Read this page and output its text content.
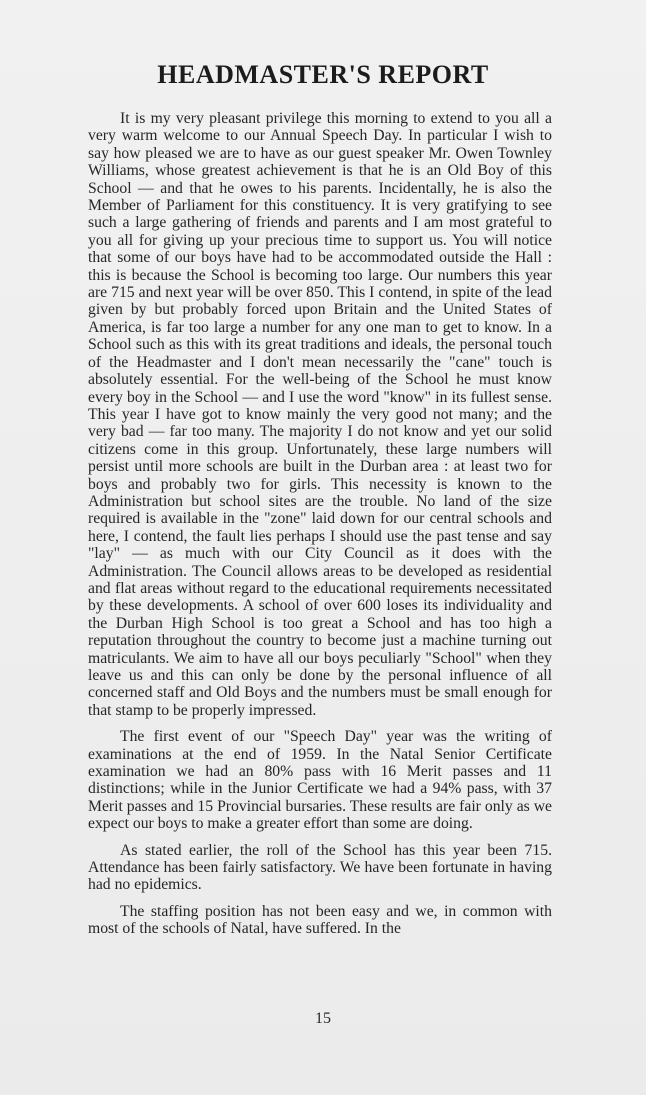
HEADMASTER'S REPORT

It is my very pleasant privilege this morning to extend to you all a very warm welcome to our Annual Speech Day. In particular I wish to say how pleased we are to have as our guest speaker Mr. Owen Townley Williams, whose greatest achievement is that he is an Old Boy of this School — and that he owes to his parents. Incidentally, he is also the Member of Parliament for this constituency. It is very gratifying to see such a large gathering of friends and parents and I am most grateful to you all for giving up your precious time to support us. You will notice that some of our boys have had to be accommodated outside the Hall : this is because the School is becoming too large. Our numbers this year are 715 and next year will be over 850. This I contend, in spite of the lead given by but probably forced upon Britain and the United States of America, is far too large a number for any one man to get to know. In a School such as this with its great traditions and ideals, the personal touch of the Headmaster and I don't mean necessarily the "cane" touch is absolutely essential. For the well-being of the School he must know every boy in the School — and I use the word "know" in its fullest sense. This year I have got to know mainly the very good not many; and the very bad — far too many. The majority I do not know and yet our solid citizens come in this group. Unfortunately, these large numbers will persist until more schools are built in the Durban area : at least two for boys and probably two for girls. This necessity is known to the Administration but school sites are the trouble. No land of the size required is available in the "zone" laid down for our central schools and here, I contend, the fault lies perhaps I should use the past tense and say "lay" — as much with our City Council as it does with the Administration. The Council allows areas to be developed as residential and flat areas without regard to the educational requirements necessitated by these developments. A school of over 600 loses its individuality and the Durban High School is too great a School and has too high a reputation throughout the country to become just a machine turning out matriculants. We aim to have all our boys peculiarly "School" when they leave us and this can only be done by the personal influence of all concerned staff and Old Boys and the numbers must be small enough for that stamp to be properly impressed.

The first event of our "Speech Day" year was the writing of examinations at the end of 1959. In the Natal Senior Certificate examination we had an 80% pass with 16 Merit passes and 11 distinctions; while in the Junior Certificate we had a 94% pass, with 37 Merit passes and 15 Provincial bursaries. These results are fair only as we expect our boys to make a greater effort than some are doing.

As stated earlier, the roll of the School has this year been 715. Attendance has been fairly satisfactory. We have been fortunate in having had no epidemics.

The staffing position has not been easy and we, in common with most of the schools of Natal, have suffered. In the

15
